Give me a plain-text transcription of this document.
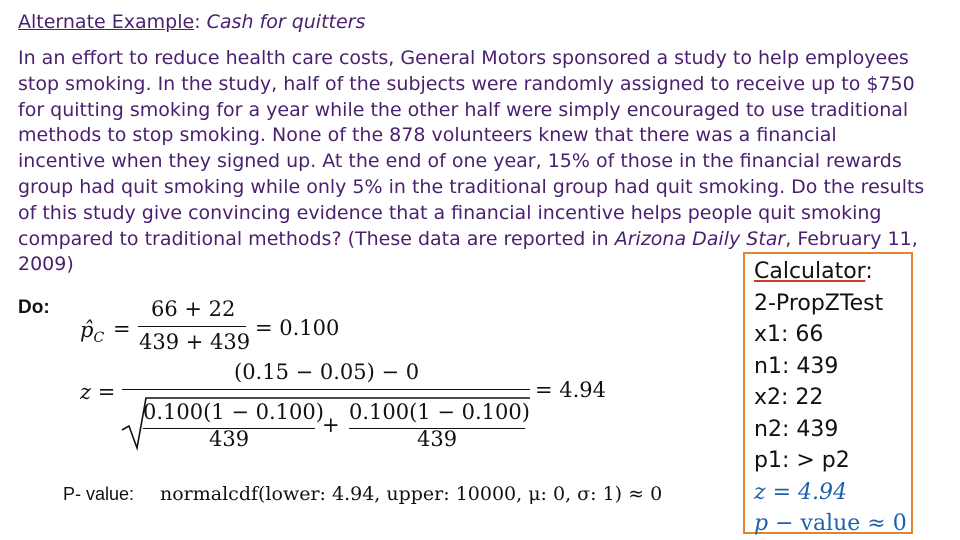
Alternate Example: Cash for quitters
In an effort to reduce health care costs, General Motors sponsored a study to help employees
stop smoking. In the study, half of the subjects were randomly assigned to receive up to $750
for quitting smoking for a year while the other half were simply encouraged to use traditional
methods to stop smoking. None of the 878 volunteers knew that there was a financial
incentive when they signed up. At the end of one year, 15% of those in the financial rewards
group had quit smoking while only 5% in the traditional group had quit smoking. Do the results
of this study give convincing evidence that a financial incentive helps people quit smoking
compared to traditional methods? (These data are reported in Arizona Daily Star, February 11,
2009)
Do:
$p̂_C$ =
66 + 22
439 + 439
= 0.100
z =
(0.15 − 0.05) − 0
0.100(1 − 0.100)
439
+
0.100(1 − 0.100)
439
= 4.94
P- value: normalcdf(lower: 4.94, upper: 10000, μ: 0, σ: 1) ≈ 0
Calculator:
2-PropZTest
x1: 66
n1: 439
x2: 22
n2: 439
p1: > p2
z = 4.94
p − value ≈ 0
